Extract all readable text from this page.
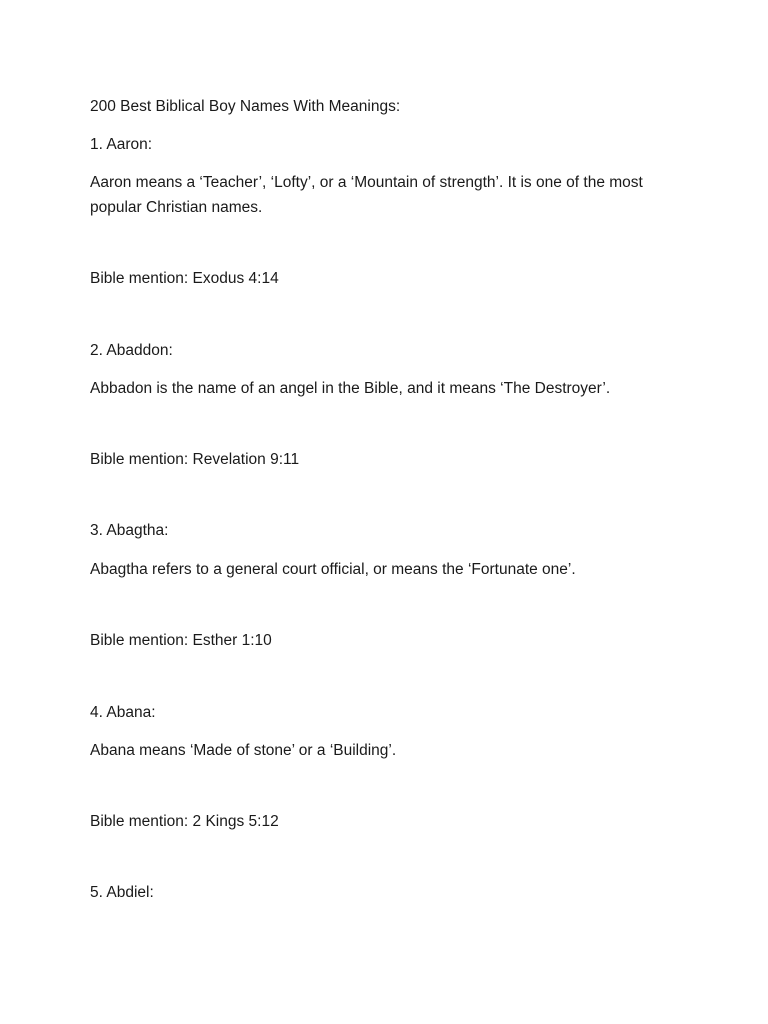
200 Best Biblical Boy Names With Meanings:

1. Aaron:

Aaron means a ‘Teacher’, ‘Lofty’, or a ‘Mountain of strength’. It is one of the most popular Christian names.

Bible mention: Exodus 4:14

2. Abaddon:

Abbadon is the name of an angel in the Bible, and it means ‘The Destroyer’.

Bible mention: Revelation 9:11

3. Abagtha:

Abagtha refers to a general court official, or means the ‘Fortunate one’.

Bible mention: Esther 1:10

4. Abana:

Abana means ‘Made of stone’ or a ‘Building’.

Bible mention: 2 Kings 5:12

5. Abdiel:
